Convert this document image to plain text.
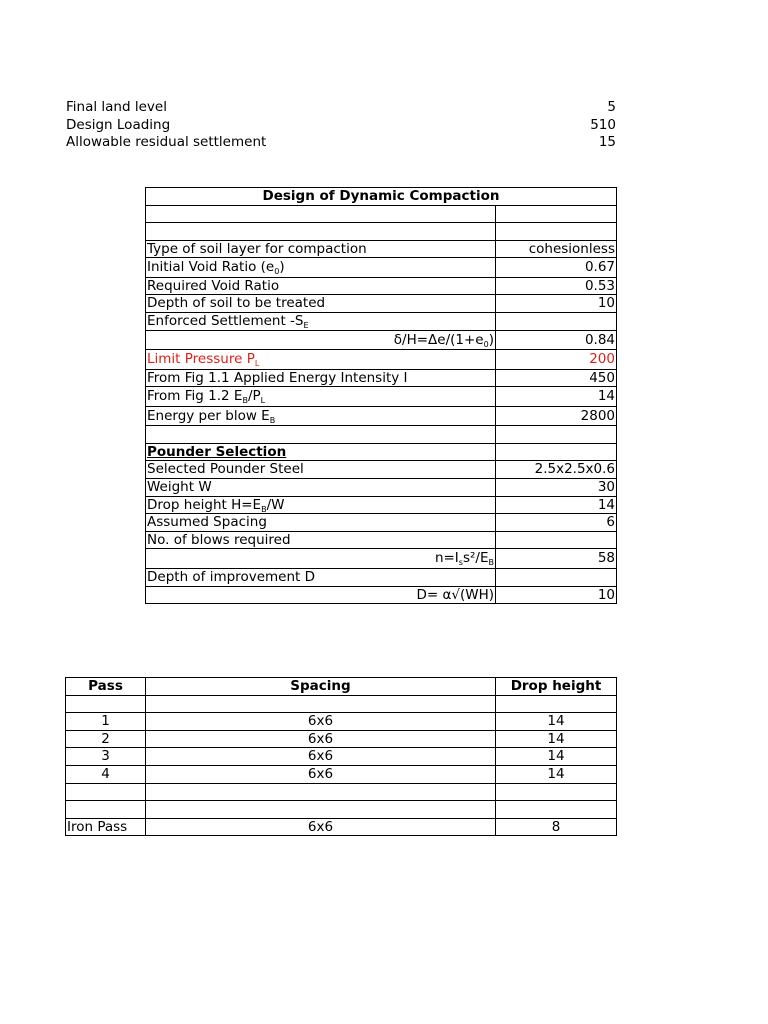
Final land level	5
Design Loading	510
Allowable residual settlement	15
Design of Dynamic Compaction	

Type of soil layer for compaction	cohesionless
Initial Void Ratio $(e_0)$	0.67
Required Void Ratio	0.53
Depth of soil to be treated	10
Enforced Settlement $-S_E$	
$\delta/H=\Delta e/(1+e_0)$	0.84
Limit Pressure $P_L$	200
From Fig 1.1 Applied Energy Intensity I	450
From Fig 1.2 $E_B/P_L$	14
Energy per blow $E_B$	2800

Pounder Selection	
Selected Pounder Steel	2.5x2.5x0.6
Weight W	30
Drop height $H=E_B/W$	14
Assumed Spacing	6
No. of blows required	
$n=I_ss^2/E_B$	58
Depth of improvement D	
D= α√(WH)	10
Pass	Spacing	Drop height

1	6x6	14
2	6x6	14
3	6x6	14
4	6x6	14

Iron Pass	6x6	8
